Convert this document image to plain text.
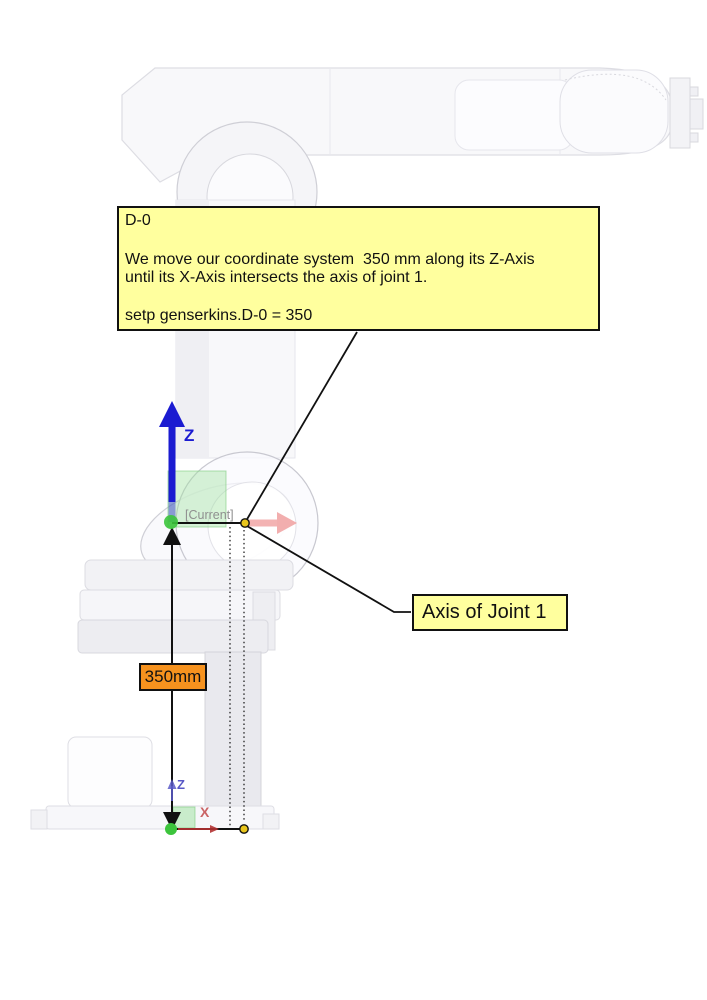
D-0
We move our coordinate system  350 mm along its Z-Axis
until its X-Axis intersects the axis of joint 1.
setp genserkins.D-0 = 350
Axis of Joint 1
350mm
Z
[Current]
Z
X
